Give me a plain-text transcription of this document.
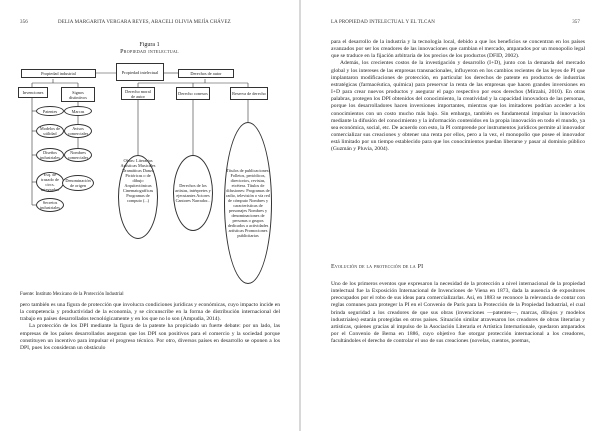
356	DELIA MARGARITA VERGARA REYES, ABACELI OLIVIA MEJÍA CHÁVEZ
Figura 1
Propiedad intelectual
Propiedad intelectual
Propiedad industrial	Derechos de autor
Invenciones	Signos distintivos
Derecho moral de autor	Derecho conexos	Reserva de derecho
Patentes
Modelos de utilidad
Diseños industriales
Esq. de trazado de circs. integrados
Secretos industriales
Marcas
Avisos comerciales
Nombres comerciales
Denominación de origen
Obras: Literarias Artísticas Musicales Dramáticas Danza Pictóricas o de dibujo Arquitectónicas Cinematográficas Programas de computo (...)
Derechos de los artistas, intérpretes y ejecutantes Actores Cantores Narrador...
Títulos de publicaciones: Folletos, periódicos, directorios, revistas, etcétera. Títulos de difusiones: Programas de radio, televisión o vía red de cómputo Nombres y características de personajes Nombres y denominaciones de personas o grupos dedicados a actividades artísticas Promociones publicitarias
Fuente: Instituto Mexicano de la Protección Industrial

pero también es una figura de protección que involucra condiciones jurídicas y económicas, cuyo impacto incide en la competencia y productividad de la economía, y se circunscribe en la forma de distribución internacional del trabajo en países desarrollados tecnológicamente y en los que no lo son (Ampudia, 2014).

La protección de los DPI mediante la figura de la patente ha propiciado un fuerte debate: por un lado, las empresas de los países desarrollados aseguran que los DPI son positivos para el comercio y la sociedad porque constituyen un incentivo para impulsar el progreso técnico. Por otro, diversos países en desarrollo se oponen a los DPI, pues los consideran un obstáculo

LA PROPIEDAD INTELECTUAL Y EL TLCAN	357

para el desarrollo de la industria y la tecnología local, debido a que los beneficios se concentran en los países avanzados por ser los creadores de las innovaciones que cambian el mercado, amparados por un monopolio legal que se traduce en la fijación arbitraria de los precios de los productos (DFID, 2002).

Además, los crecientes costos de la investigación y desarrollo (I+D), junto con la demanda del mercado global y los intereses de las empresas transnacionales, influyeron en los cambios recientes de las leyes de PI que implantaron modificaciones de protección, en particular los derechos de patente en productos de industrias estratégicas (farmacéutica, química) para preservar la renta de las empresas que hacen grandes inversiones en I+D para crear nuevos productos y asegurar el pago respectivo por esos derechos (Mirzahi, 2010). En otras palabras, protegen los DPI obtenidos del conocimiento, la creatividad y la capacidad innovadora de las personas, porque los desarrolladores hacen inversiones importantes, mientras que los imitadores podrían acceder a los conocimientos con un costo mucho más bajo. Sin embargo, también es fundamental impulsar la innovación mediante la difusión del conocimiento y la información contenidos en la propia innovación en todo el mundo, ya sea económica, social, etc. De acuerdo con esto, la PI comprende por instrumentos jurídicos permite al innovador comercializar sus creaciones y obtener una renta por ellos, pero a la vez, el monopolio que posee el innovador está limitado por un tiempo establecido para que los conocimientos puedan liberarse y pasar al dominio público (Guzmán y Pluvia, 2004).

Evolución de la protección de la PI

Uno de los primeros eventos que expresaron la necesidad de la protección a nivel internacional de la propiedad intelectual fue la Exposición Internacional de Invenciones de Viena en 1873, dada la ausencia de expositores preocupados por el robo de sus ideas para comercializarlas. Así, en 1883 se reconoce la relevancia de contar con reglas comunes para proteger la PI en el Convenio de París para la Protección de la Propiedad Industrial, el cual brinda seguridad a los creadores de que sus obras (invenciones —patentes—, marcas, dibujos y modelos industriales) estarán protegidas en otros países. Situación similar atravesaron los creadores de obras literarias y artísticas, quienes gracias al impulso de la Asociación Literaria et Artística Internationale, quedaron amparados por el Convenio de Berna en 1886, cuyo objetivo fue otorgar protección internacional a los creadores, facultándoles el derecho de controlar el uso de sus creaciones (novelas, cuentos, poemas,
